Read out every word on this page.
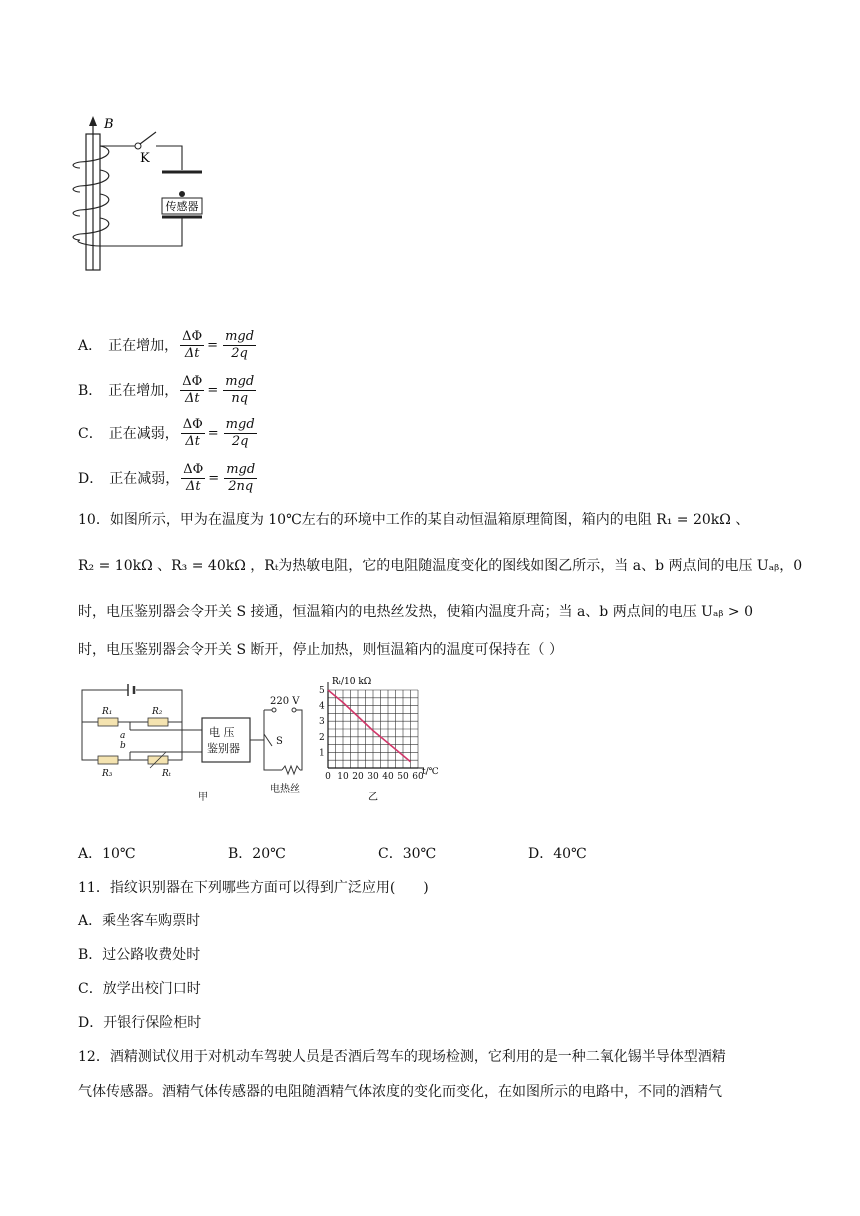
B
K
传感器
A． 正在增加， $\frac{\Delta\Phi}{\Delta t} = \frac{\text{mgd}}{2q}$
B． 正在增加， $\frac{\Delta\Phi}{\Delta t} = \frac{\text{mgd}}{nq}$
C． 正在减弱， $\frac{\Delta\Phi}{\Delta t} = \frac{\text{mgd}}{2q}$
D． 正在减弱， $\frac{\Delta\Phi}{\Delta t} = \frac{\text{mgd}}{2nq}$
10．如图所示，甲为在温度为 10℃左右的环境中工作的某自动恒温箱原理简图，箱内的电阻 R₁ = 20kΩ 、
R₂ = 10kΩ 、R₃ = 40kΩ ，Rₜ为热敏电阻，它的电阻随温度变化的图线如图乙所示，当 a、b 两点间的电压 Uₐᵦ，0
时，电压鉴别器会令开关 S 接通，恒温箱内的电热丝发热，使箱内温度升高；当 a、b 两点间的电压 Uₐᵦ > 0
时，电压鉴别器会令开关 S 断开，停止加热，则恒温箱内的温度可保持在（ ）
R₁	R₂
R₃	Rₜ
a
b
电 压
鉴别器
220 V
S
电热丝
甲
1
2
3
4
5
0 10 20 30 40 50 60
Rₜ/10 kΩ
t/℃
乙
A．10℃	B．20℃	C．30℃	D．40℃
11．指纹识别器在下列哪些方面可以得到广泛应用(　　)
A．乘坐客车购票时
B．过公路收费处时
C．放学出校门口时
D．开银行保险柜时
12．酒精测试仪用于对机动车驾驶人员是否酒后驾车的现场检测，它利用的是一种二氧化锡半导体型酒精
气体传感器。酒精气体传感器的电阻随酒精气体浓度的变化而变化，在如图所示的电路中，不同的酒精气
